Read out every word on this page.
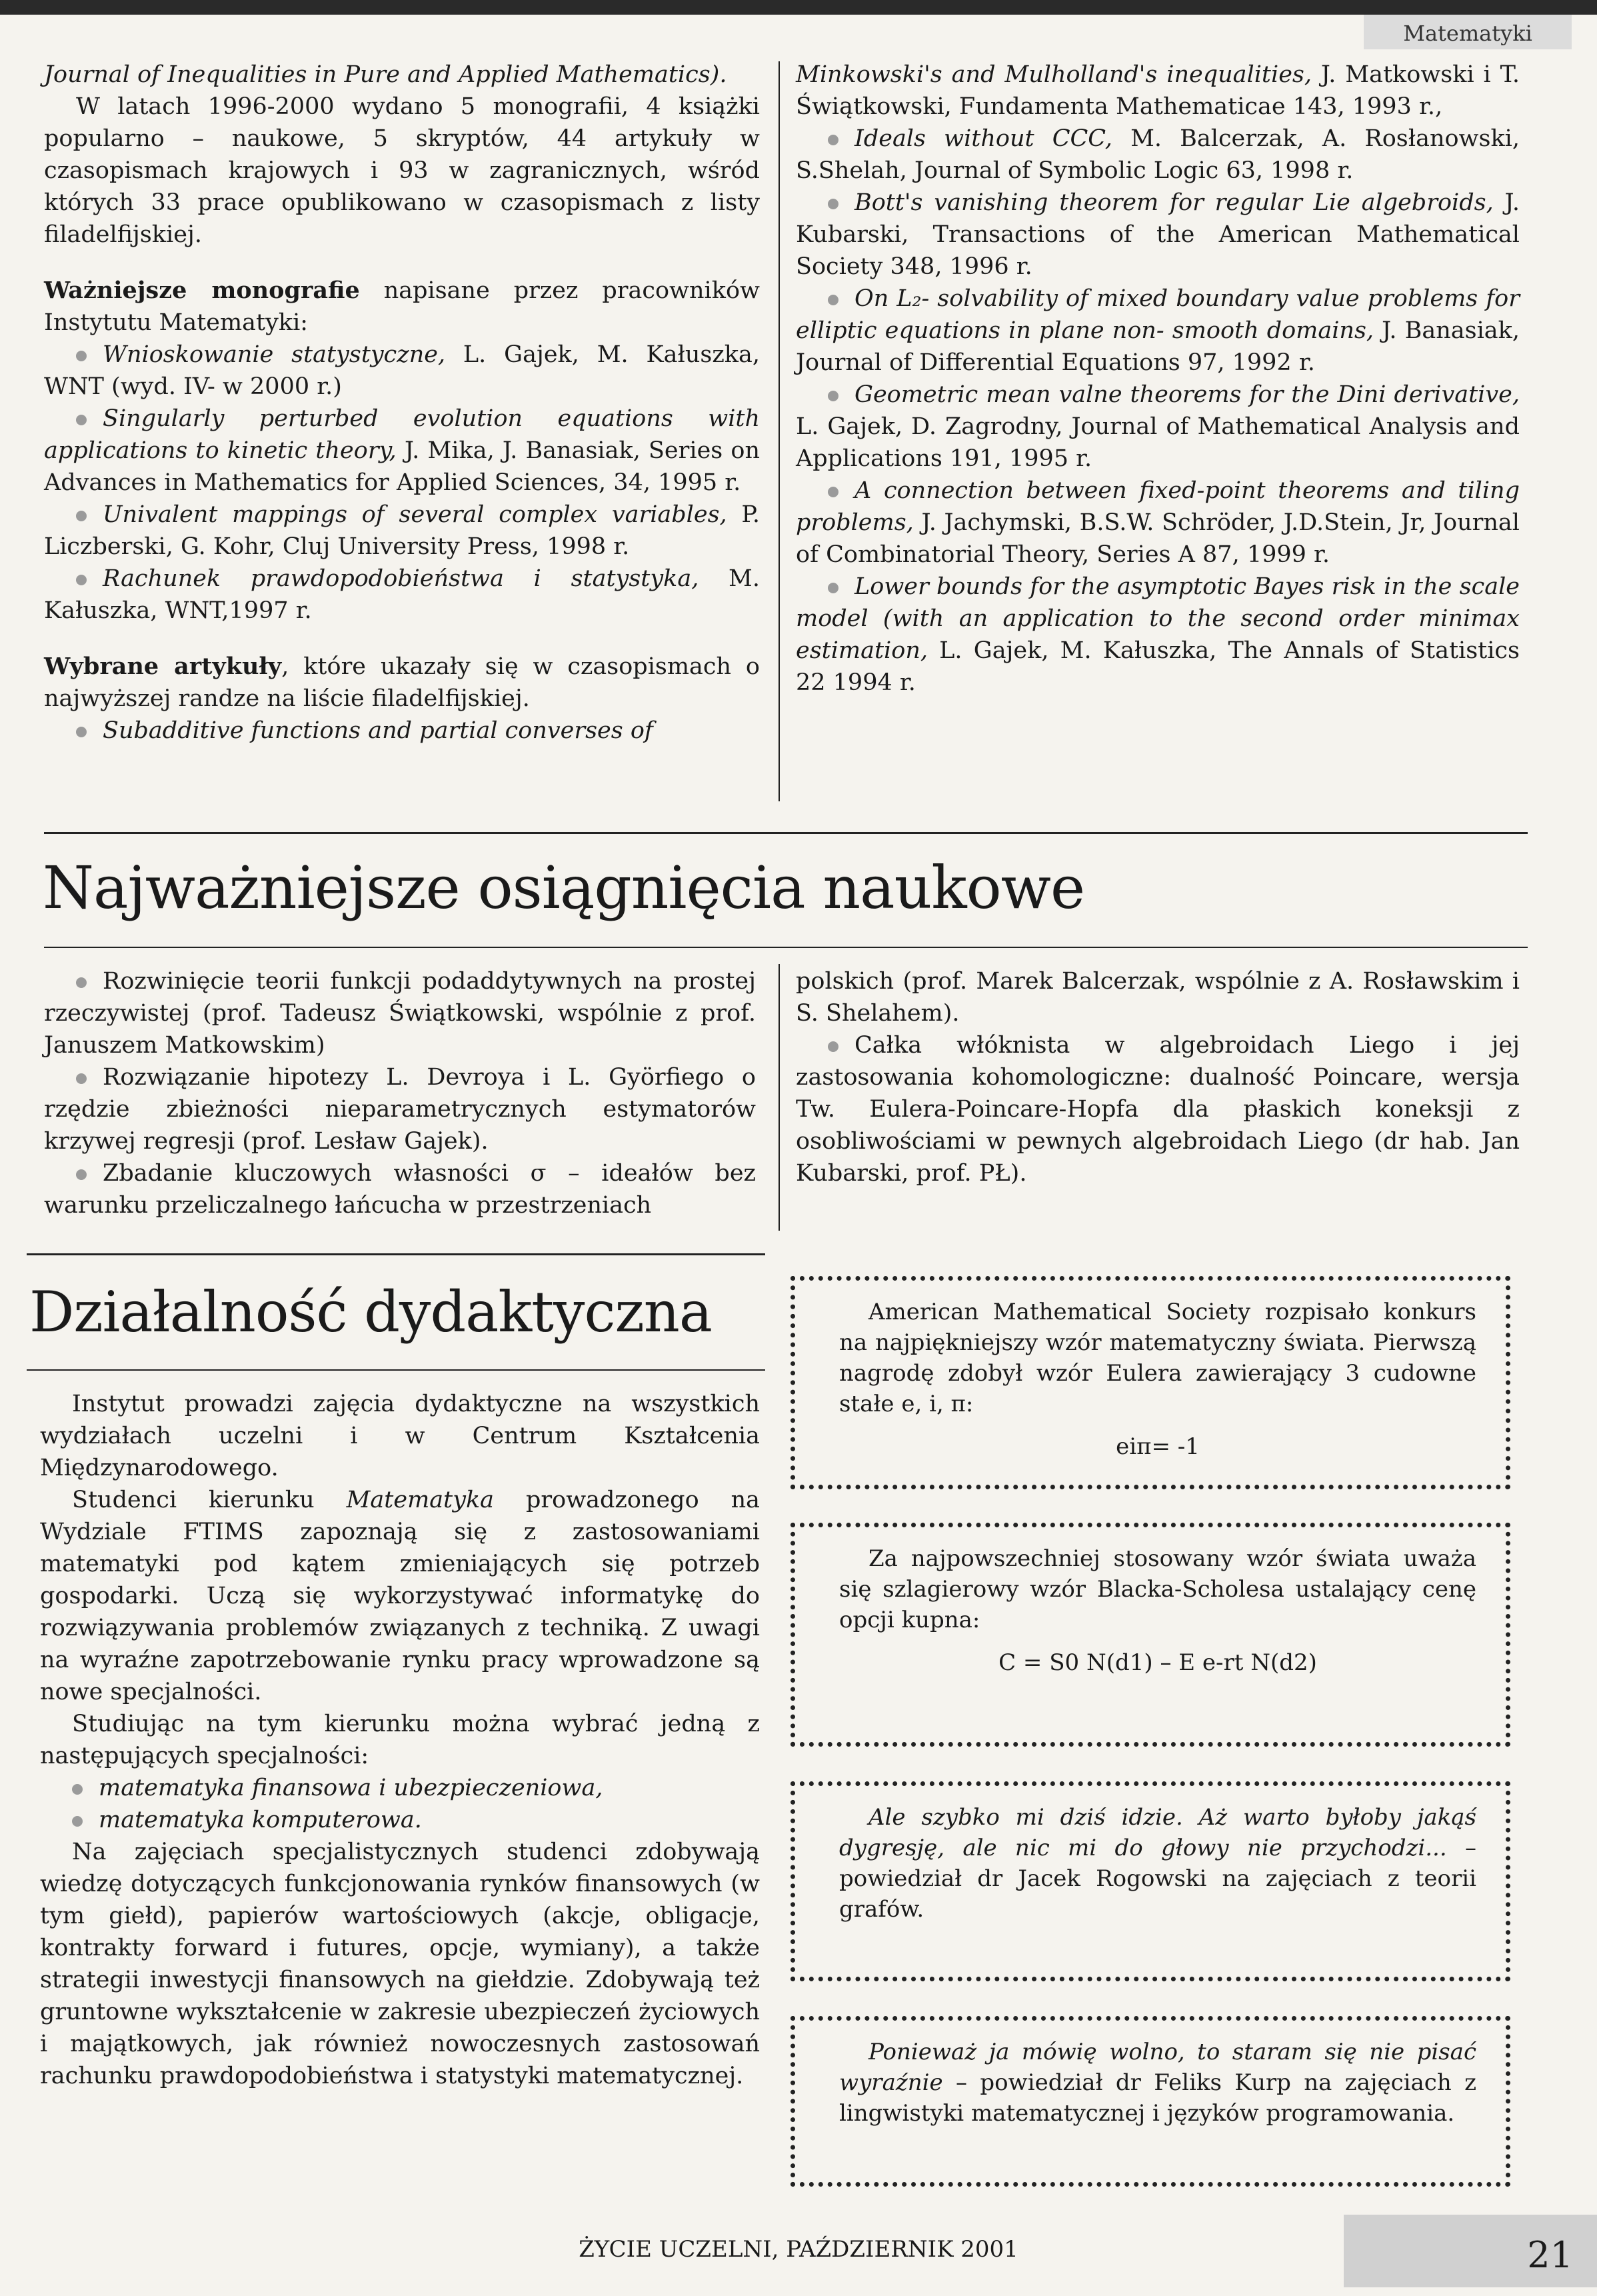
Matematyki

Journal of Inequalities in Pure and Applied Mathematics).

W latach 1996-2000 wydano 5 monografii, 4 książki popularno – naukowe, 5 skryptów, 44 artykuły w czasopismach krajowych i 93 w zagranicznych, wśród których 33 prace opublikowano w czasopismach z listy filadelfijskiej.

Ważniejsze monografie napisane przez pracowników Instytutu Matematyki:

Wnioskowanie statystyczne, L. Gajek, M. Kałuszka, WNT (wyd. IV- w 2000 r.)

Singularly perturbed evolution equations with applications to kinetic theory, J. Mika, J. Banasiak, Series on Advances in Mathematics for Applied Sciences, 34, 1995 r.

Univalent mappings of several complex variables, P. Liczberski, G. Kohr, Cluj University Press, 1998 r.

Rachunek prawdopodobieństwa i statystyka, M. Kałuszka, WNT,1997 r.

Wybrane artykuły, które ukazały się w czasopismach o najwyższej randze na liście filadelfijskiej.

Subadditive functions and partial converses of

Minkowski's and Mulholland's inequalities, J. Matkowski i T. Świątkowski, Fundamenta Mathematicae 143, 1993 r.,

Ideals without CCC, M. Balcerzak, A. Rosłanowski, S.Shelah, Journal of Symbolic Logic 63, 1998 r.

Bott's vanishing theorem for regular Lie algebroids, J. Kubarski, Transactions of the American Mathematical Society 348, 1996 r.

On L₂- solvability of mixed boundary value problems for elliptic equations in plane non- smooth domains, J. Banasiak, Journal of Differential Equations 97, 1992 r.

Geometric mean valne theorems for the Dini derivative, L. Gajek, D. Zagrodny, Journal of Mathematical Analysis and Applications 191, 1995 r.

A connection between fixed-point theorems and tiling problems, J. Jachymski, B.S.W. Schröder, J.D.Stein, Jr, Journal of Combinatorial Theory, Series A 87, 1999 r.

Lower bounds for the asymptotic Bayes risk in the scale model (with an application to the second order minimax estimation, L. Gajek, M. Kałuszka, The Annals of Statistics 22 1994 r.

Najważniejsze osiągnięcia naukowe

Rozwinięcie teorii funkcji podaddytywnych na prostej rzeczywistej (prof. Tadeusz Świątkowski, wspólnie z prof. Januszem Matkowskim)

Rozwiązanie hipotezy L. Devroya i L. Györfiego o rzędzie zbieżności nieparametrycznych estymatorów krzywej regresji (prof. Lesław Gajek).

Zbadanie kluczowych własności σ – ideałów bez warunku przeliczalnego łańcucha w przestrzeniach

polskich (prof. Marek Balcerzak, wspólnie z A. Rosławskim i S. Shelahem).

Całka włóknista w algebroidach Liego i jej zastosowania kohomologiczne: dualność Poincare, wersja Tw. Eulera-Poincare-Hopfa dla płaskich koneksji z osobliwościami w pewnych algebroidach Liego (dr hab. Jan Kubarski, prof. PŁ).

Działalność dydaktyczna

Instytut prowadzi zajęcia dydaktyczne na wszystkich wydziałach uczelni i w Centrum Kształcenia Międzynarodowego.

Studenci kierunku Matematyka prowadzonego na Wydziale FTIMS zapoznają się z zastosowaniami matematyki pod kątem zmieniających się potrzeb gospodarki. Uczą się wykorzystywać informatykę do rozwiązywania problemów związanych z techniką. Z uwagi na wyraźne zapotrzebowanie rynku pracy wprowadzone są nowe specjalności.

Studiując na tym kierunku można wybrać jedną z następujących specjalności:

matematyka finansowa i ubezpieczeniowa,

matematyka komputerowa.

Na zajęciach specjalistycznych studenci zdobywają wiedzę dotyczących funkcjonowania rynków finansowych (w tym giełd), papierów wartościowych (akcje, obligacje, kontrakty forward i futures, opcje, wymiany), a także strategii inwestycji finansowych na giełdzie. Zdobywają też gruntowne wykształcenie w zakresie ubezpieczeń życiowych i majątkowych, jak również nowoczesnych zastosowań rachunku prawdopodobieństwa i statystyki matematycznej.

American Mathematical Society rozpisało konkurs na najpiękniejszy wzór matematyczny świata. Pierwszą nagrodę zdobył wzór Eulera zawierający 3 cudowne stałe e, i, π:

eiπ= -1

Za najpowszechniej stosowany wzór świata uważa się szlagierowy wzór Blacka-Scholesa ustalający cenę opcji kupna:

C = S0 N(d1) – E e-rt N(d2)

Ale szybko mi dziś idzie. Aż warto byłoby jakąś dygresję, ale nic mi do głowy nie przychodzi... – powiedział dr Jacek Rogowski na zajęciach z teorii grafów.

Ponieważ ja mówię wolno, to staram się nie pisać wyraźnie – powiedział dr Feliks Kurp na zajęciach z lingwistyki matematycznej i języków programowania.

ŻYCIE UCZELNI, PAŹDZIERNIK 2001	21
